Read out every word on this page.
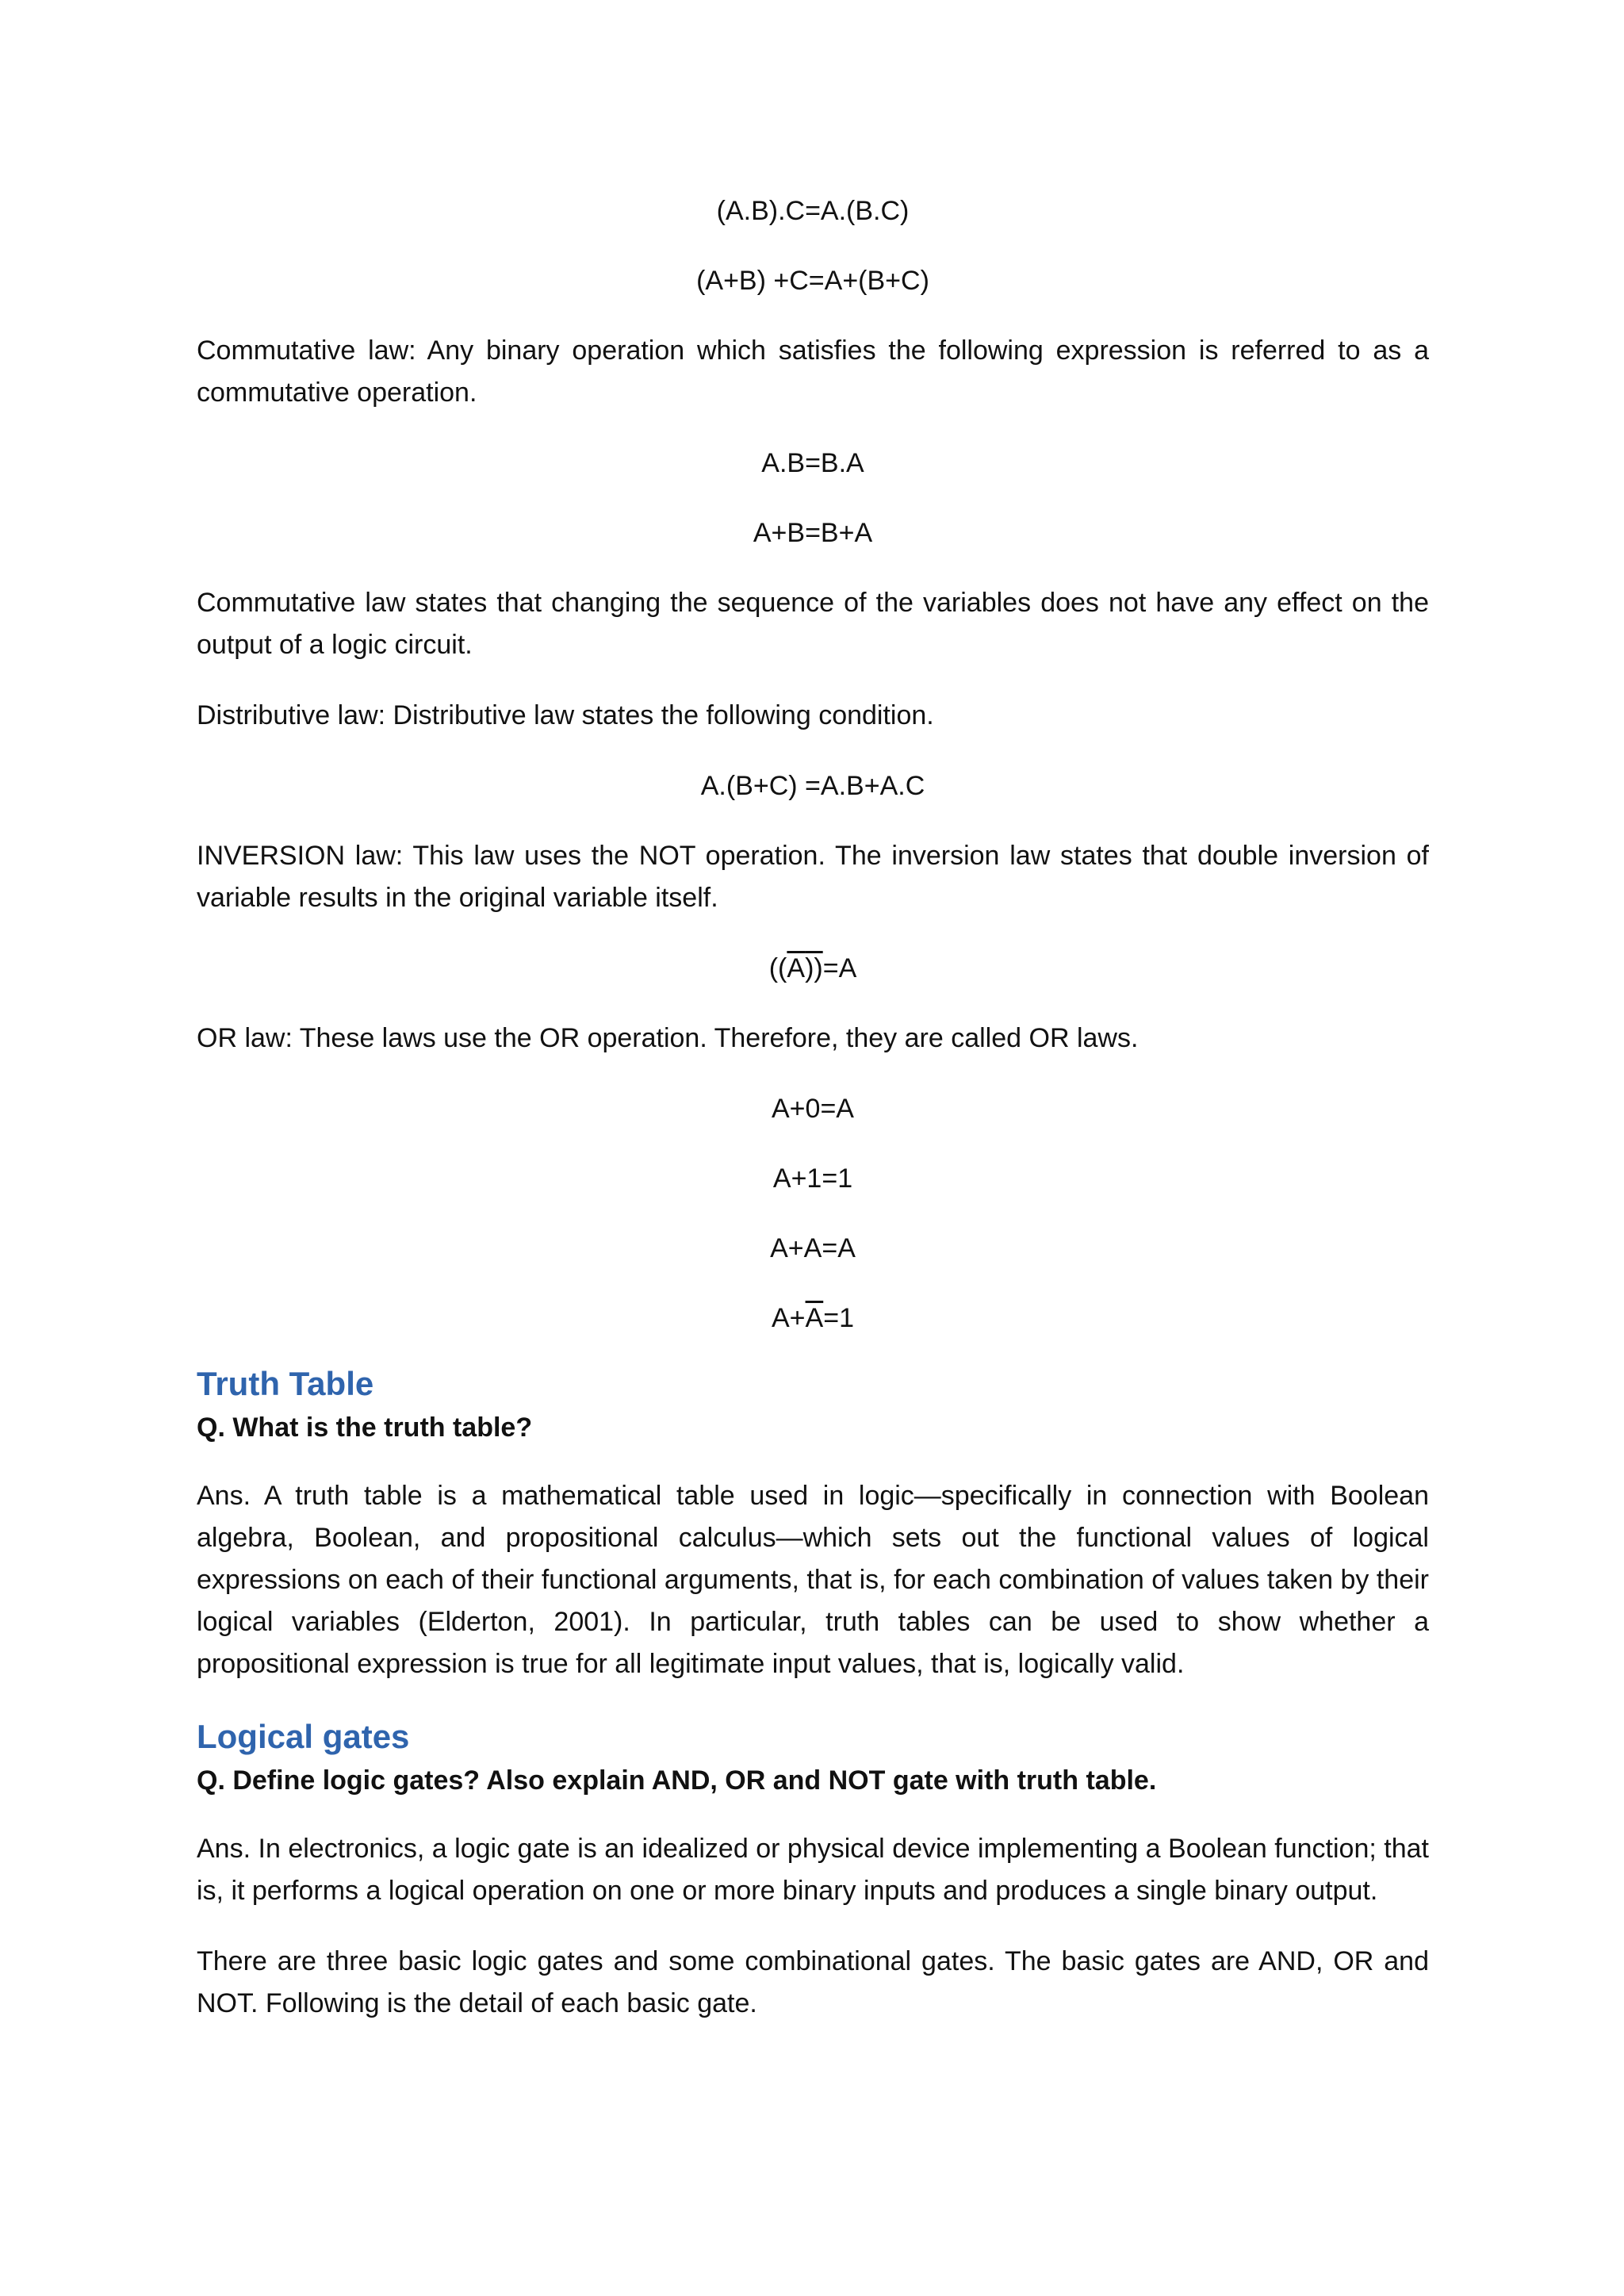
(A.B).C=A.(B.C)
(A+B) +C=A+(B+C)

Commutative law: Any binary operation which satisfies the following expression is referred to as a commutative operation.

A.B=B.A
A+B=B+A

Commutative law states that changing the sequence of the variables does not have any effect on the output of a logic circuit.

Distributive law: Distributive law states the following condition.

A.(B+C) =A.B+A.C

INVERSION law: This law uses the NOT operation. The inversion law states that double inversion of variable results in the original variable itself.

$((\overline{A}))=A$

OR law: These laws use the OR operation. Therefore, they are called OR laws.

A+0=A
A+1=1
A+A=A
$A+\overline{A}=1$
Truth Table
Q. What is the truth table?

Ans. A truth table is a mathematical table used in logic—specifically in connection with Boolean algebra, Boolean, and propositional calculus—which sets out the functional values of logical expressions on each of their functional arguments, that is, for each combination of values taken by their logical variables (Elderton, 2001). In particular, truth tables can be used to show whether a propositional expression is true for all legitimate input values, that is, logically valid.

Logical gates
Q. Define logic gates? Also explain AND, OR and NOT gate with truth table.

Ans. In electronics, a logic gate is an idealized or physical device implementing a Boolean function; that is, it performs a logical operation on one or more binary inputs and produces a single binary output.

There are three basic logic gates and some combinational gates. The basic gates are AND, OR and NOT. Following is the detail of each basic gate.
